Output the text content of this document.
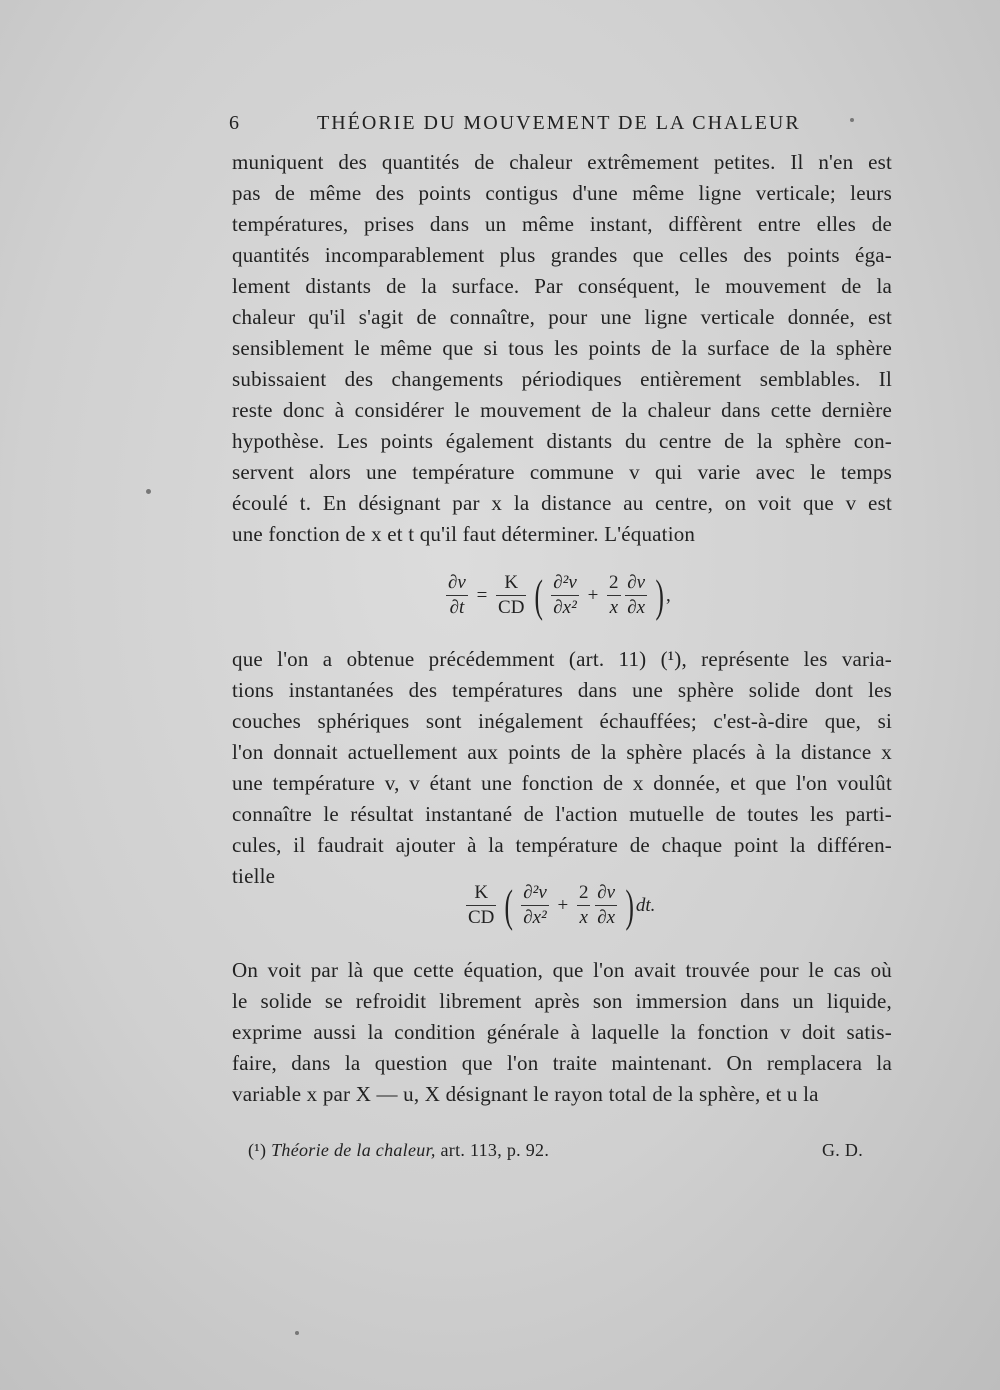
6	THÉORIE DU MOUVEMENT DE LA CHALEUR
muniquent des quantités de chaleur extrêmement petites. Il n'en est
pas de même des points contigus d'une même ligne verticale; leurs
températures, prises dans un même instant, diffèrent entre elles de
quantités incomparablement plus grandes que celles des points éga-
lement distants de la surface. Par conséquent, le mouvement de la
chaleur qu'il s'agit de connaître, pour une ligne verticale donnée, est
sensiblement le même que si tous les points de la surface de la sphère
subissaient des changements périodiques entièrement semblables. Il
reste donc à considérer le mouvement de la chaleur dans cette dernière
hypothèse. Les points également distants du centre de la sphère con-
servent alors une température commune v qui varie avec le temps
écoulé t. En désignant par x la distance au centre, on voit que v est
une fonction de x et t qu'il faut déterminer. L'équation
$\frac{\partial v}{\partial t} = \frac{K}{CD}$ ( $\frac{\text{∂²v}}{\text{∂x²}} + \frac{2}{x}$
$\frac{\partial v}{\partial x}$ ) ,
que l'on a obtenue précédemment (art. 11) (¹), représente les varia-
tions instantanées des températures dans une sphère solide dont les
couches sphériques sont inégalement échauffées; c'est-à-dire que, si
l'on donnait actuellement aux points de la sphère placés à la distance x
une température v, v étant une fonction de x donnée, et que l'on voulût
connaître le résultat instantané de l'action mutuelle de toutes les parti-
cules, il faudrait ajouter à la température de chaque point la différen-
tielle
$\frac{K}{CD}$ ( $\frac{\text{∂²v}}{\text{∂x²}} + \frac{2}{x}$
$\frac{\partial v}{\partial x}$ ) dt.
On voit par là que cette équation, que l'on avait trouvée pour le cas où
le solide se refroidit librement après son immersion dans un liquide,
exprime aussi la condition générale à laquelle la fonction v doit satis-
faire, dans la question que l'on traite maintenant. On remplacera la
variable x par X — u, X désignant le rayon total de la sphère, et u la
(¹) Théorie de la chaleur, art. 113, p. 92.	G. D.
